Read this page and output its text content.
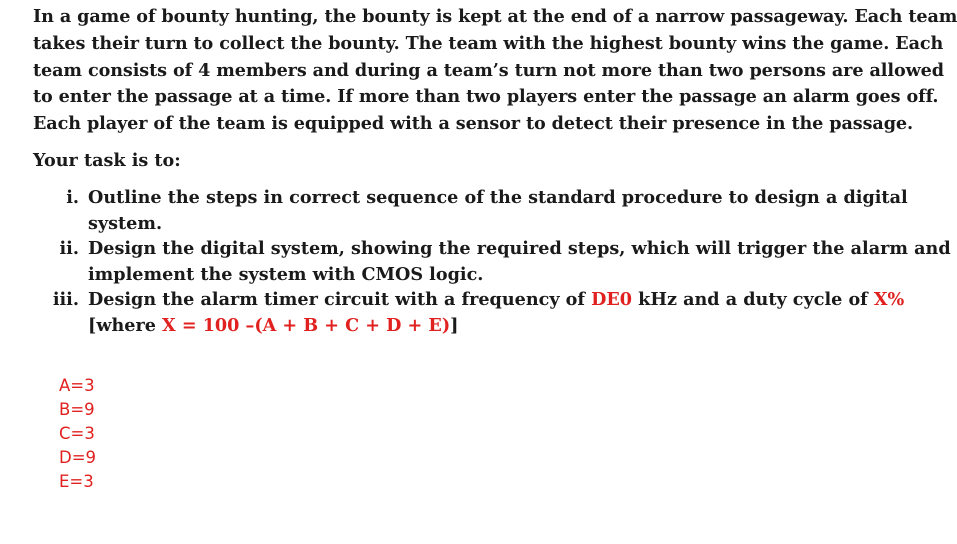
In a game of bounty hunting, the bounty is kept at the end of a narrow passageway. Each team
takes their turn to collect the bounty. The team with the highest bounty wins the game. Each
team consists of 4 members and during a team’s turn not more than two persons are allowed
to enter the passage at a time. If more than two players enter the passage an alarm goes off.
Each player of the team is equipped with a sensor to detect their presence in the passage.
Your task is to:
i. Outline the steps in correct sequence of the standard procedure to design a digital
system.
ii. Design the digital system, showing the required steps, which will trigger the alarm and
implement the system with CMOS logic.
iii. Design the alarm timer circuit with a frequency of DE0 kHz and a duty cycle of X%
[where X = 100 –(A + B + C + D + E)]
A=3
B=9
C=3
D=9
E=3
